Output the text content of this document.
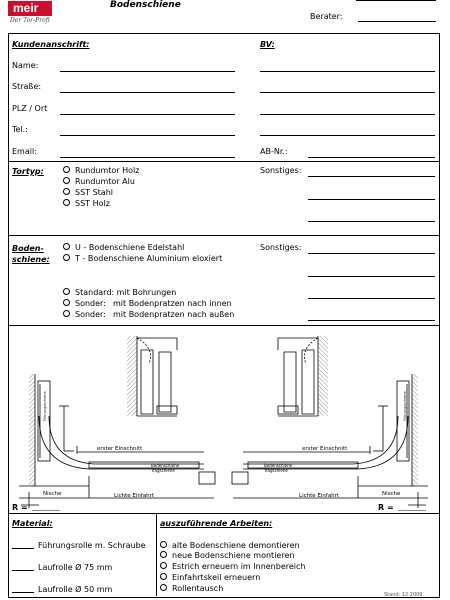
meir
Der Tor-Profi
Bodenschiene
Berater:
Kundenanschrift:
Name:
Straße:
PLZ / Ort
Tel.:
Email:
BV:
AB-Nr.:
Tortyp:	Rundumtor Holz
Rundumtor Alu
SST Stahl
SST Holz
Sonstiges:
Boden-
schiene:
U - Bodenschiene Edelstahl
T - Bodenschiene Aluminium eloxiert
Standard: mit Bohrungen
Sonder: mit Bodenpratzen nach innen
Sonder: mit Bodenpratzen nach außen
Sonstiges:
erster Einschnitt
Bodenschiene
Tragschiene
Führungsschiene
Nische	Lichte Einfahrt
erster Einschnitt
Bodenschiene
Tragschiene
Führungsschiene
Nische
Lichte Einfahrt
R =	R =
Material:
Führungsrolle m. Schraube
Laufrolle Ø 75 mm
Laufrolle Ø 50 mm
auszuführende Arbeiten:
alte Bodenschiene demontieren
neue Bodenschiene montieren
Estrich erneuern im Innenbereich
Einfahrtskeil erneuern
Rollentausch
Stand: 12.2009
